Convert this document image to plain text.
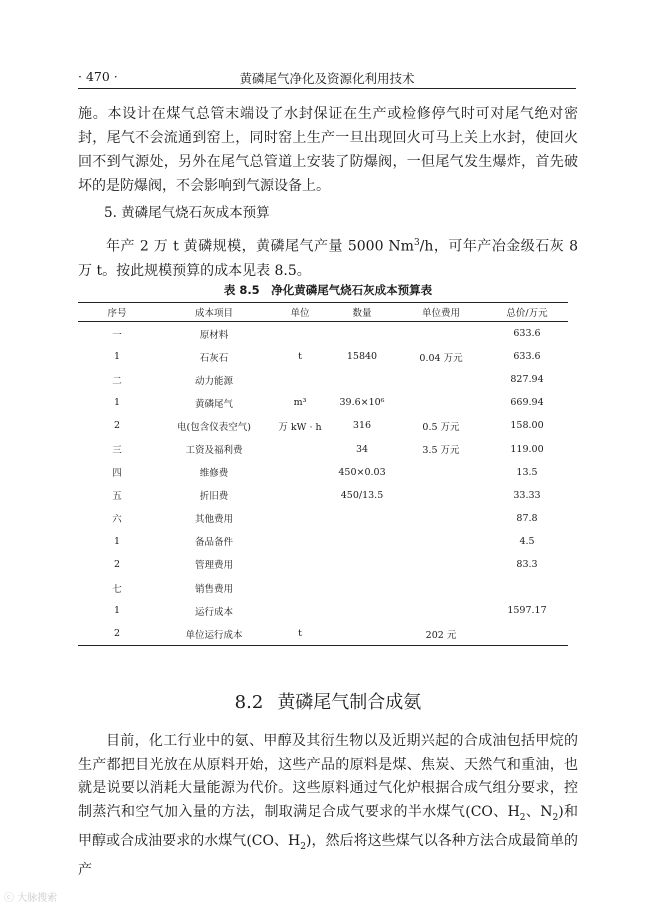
· 470 ·	黄磷尾气净化及资源化利用技术

施。本设计在煤气总管末端设了水封保证在生产或检修停气时可对尾气绝对密封，尾气不会流通到窑上，同时窑上生产一旦出现回火可马上关上水封，使回火回不到气源处，另外在尾气总管道上安装了防爆阀，一但尾气发生爆炸，首先破坏的是防爆阀，不会影响到气源设备上。

5. 黄磷尾气烧石灰成本预算

年产 2 万 t 黄磷规模，黄磷尾气产量 5000 Nm$^3$/h，可年产冶金级石灰 8 万 t。按此规模预算的成本见表 8.5。

表 8.5　净化黄磷尾气烧石灰成本预算表
序号	成本项目	单位	数量	单位费用	总价/万元
一	原材料				633.6
1	石灰石	t	15840	0.04 万元	633.6
二	动力能源				827.94
1	黄磷尾气	m³	39.6×10⁶		669.94
2	电(包含仪表空气)	万 kW · h	316	0.5 万元	158.00
三	工资及福利费		34	3.5 万元	119.00
四	维修费		450×0.03		13.5
五	折旧费		450/13.5		33.33
六	其他费用				87.8
1	备品备件				4.5
2	管理费用				83.3
七	销售费用				
1	运行成本				1597.17
2	单位运行成本	t		202 元	
8.2 黄磷尾气制合成氨

目前，化工行业中的氨、甲醇及其衍生物以及近期兴起的合成油包括甲烷的生产都把目光放在从原料开始，这些产品的原料是煤、焦炭、天然气和重油，也就是说要以消耗大量能源为代价。这些原料通过气化炉根据合成气组分要求，控制蒸汽和空气加入量的方法，制取满足合成气要求的半水煤气(CO、$H_2$、$N_2$)和甲醇或合成油要求的水煤气(CO、$H_2$)，然后将这些煤气以各种方法合成最简单的产

ⓒ 大脉搜索
